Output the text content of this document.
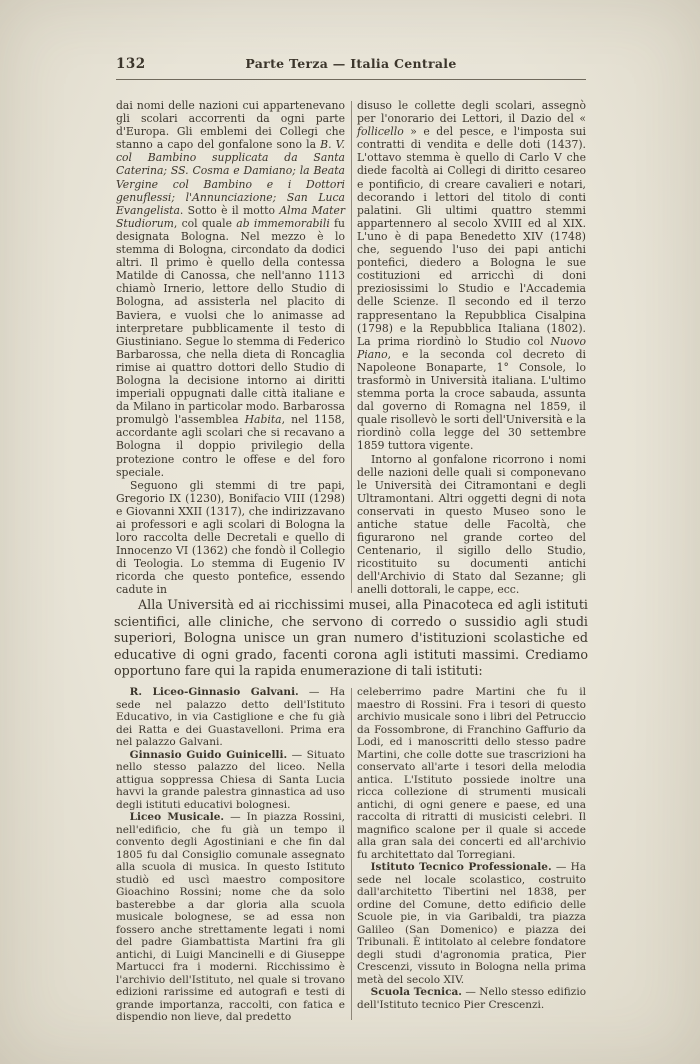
132	Parte Terza — Italia Centrale

dai nomi delle nazioni cui appartenevano gli scolari accorrenti da ogni parte d'Europa. Gli emblemi dei Collegi che stanno a capo del gonfalone sono la B. V. col Bambino supplicata da Santa Caterina; SS. Cosma e Damiano; la Beata Vergine col Bambino e i Dottori genuflessi; l'Annunciazione; San Luca Evangelista. Sotto è il motto Alma Mater Studiorum, col quale ab immemorabili fu designata Bologna. Nel mezzo è lo stemma di Bologna, circondato da dodici altri. Il primo è quello della contessa Matilde di Canossa, che nell'anno 1113 chiamò Irnerio, lettore dello Studio di Bologna, ad assisterla nel placito di Baviera, e vuolsi che lo animasse ad interpretare pubblicamente il testo di Giustiniano. Segue lo stemma di Federico Barbarossa, che nella dieta di Roncaglia rimise ai quattro dottori dello Studio di Bologna la decisione intorno ai diritti imperiali oppugnati dalle città italiane e da Milano in particolar modo. Barbarossa promulgò l'assemblea Habita, nel 1158, accordante agli scolari che si recavano a Bologna il doppio privilegio della protezione contro le offese e del foro speciale.

Seguono gli stemmi di tre papi, Gregorio IX (1230), Bonifacio VIII (1298) e Giovanni XXII (1317), che indirizzavano ai professori e agli scolari di Bologna la loro raccolta delle Decretali e quello di Innocenzo VI (1362) che fondò il Collegio di Teologia. Lo stemma di Eugenio IV ricorda che questo pontefice, essendo cadute in

disuso le collette degli scolari, assegnò per l'onorario dei Lettori, il Dazio del « follicello » e del pesce, e l'imposta sui contratti di vendita e delle doti (1437). L'ottavo stemma è quello di Carlo V che diede facoltà ai Collegi di diritto cesareo e pontificio, di creare cavalieri e notari, decorando i lettori del titolo di conti palatini. Gli ultimi quattro stemmi appartennero al secolo XVIII ed al XIX. L'uno è di papa Benedetto XIV (1748) che, seguendo l'uso dei papi antichi pontefici, diedero a Bologna le sue costituzioni ed arricchì di doni preziosissimi lo Studio e l'Accademia delle Scienze. Il secondo ed il terzo rappresentano la Repubblica Cisalpina (1798) e la Repubblica Italiana (1802). La prima riordinò lo Studio col Nuovo Piano, e la seconda col decreto di Napoleone Bonaparte, 1° Console, lo trasformò in Università italiana. L'ultimo stemma porta la croce sabauda, assunta dal governo di Romagna nel 1859, il quale risollevò le sorti dell'Università e la riordinò colla legge del 30 settembre 1859 tuttora vigente.

Intorno al gonfalone ricorrono i nomi delle nazioni delle quali si componevano le Università dei Citramontani e degli Ultramontani. Altri oggetti degni di nota conservati in questo Museo sono le antiche statue delle Facoltà, che figurarono nel grande corteo del Centenario, il sigillo dello Studio, ricostituito su documenti antichi dell'Archivio di Stato dal Sezanne; gli anelli dottorali, le cappe, ecc.

Alla Università ed ai ricchissimi musei, alla Pinacoteca ed agli istituti scientifici, alle cliniche, che servono di corredo o sussidio agli studi superiori, Bologna unisce un gran numero d'istituzioni scolastiche ed educative di ogni grado, facenti corona agli istituti massimi. Crediamo opportuno fare qui la rapida enumerazione di tali istituti:

R. Liceo-Ginnasio Galvani. — Ha sede nel palazzo detto dell'Istituto Educativo, in via Castiglione e che fu già dei Ratta e dei Guastavelloni. Prima era nel palazzo Galvani.

Ginnasio Guido Guinicelli. — Situato nello stesso palazzo del liceo. Nella attigua soppressa Chiesa di Santa Lucia havvi la grande palestra ginnastica ad uso degli istituti educativi bolognesi.

Liceo Musicale. — In piazza Rossini, nell'edificio, che fu già un tempo il convento degli Agostiniani e che fin dal 1805 fu dal Consiglio comunale assegnato alla scuola di musica. In questo Istituto studiò ed uscì maestro compositore Gioachino Rossini; nome che da solo basterebbe a dar gloria alla scuola musicale bolognese, se ad essa non fossero anche strettamente legati i nomi del padre Giambattista Martini fra gli antichi, di Luigi Mancinelli e di Giuseppe Martucci fra i moderni. Ricchissimo è l'archivio dell'Istituto, nel quale si trovano edizioni rarissime ed autografi e testi di grande importanza, raccolti, con fatica e dispendio non lieve, dal predetto

celeberrimo padre Martini che fu il maestro di Rossini. Fra i tesori di questo archivio musicale sono i libri del Petruccio da Fossombrone, di Franchino Gaffurio da Lodi, ed i manoscritti dello stesso padre Martini, che colle dotte sue trascrizioni ha conservato all'arte i tesori della melodia antica. L'Istituto possiede inoltre una ricca collezione di strumenti musicali antichi, di ogni genere e paese, ed una raccolta di ritratti di musicisti celebri. Il magnifico scalone per il quale si accede alla gran sala dei concerti ed all'archivio fu architettato dal Torregiani.

Istituto Tecnico Professionale. — Ha sede nel locale scolastico, costruito dall'architetto Tibertini nel 1838, per ordine del Comune, detto edificio delle Scuole pie, in via Garibaldi, tra piazza Galileo (San Domenico) e piazza dei Tribunali. È intitolato al celebre fondatore degli studi d'agronomia pratica, Pier Crescenzi, vissuto in Bologna nella prima metà del secolo XIV.

Scuola Tecnica. — Nello stesso edifizio dell'Istituto tecnico Pier Crescenzi.
